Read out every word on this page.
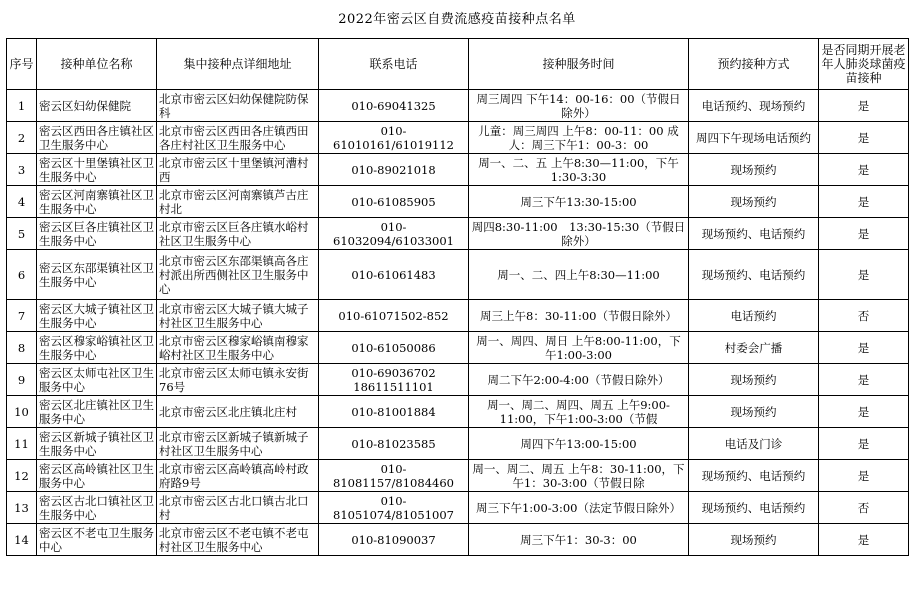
2022年密云区自费流感疫苗接种点名单
序号	接种单位名称	集中接种点详细地址	联系电话	接种服务时间	预约接种方式	是否同期开展老年人肺炎球菌疫苗接种
1	密云区妇幼保健院	北京市密云区妇幼保健院防保科	010-69041325	周三周四 下午14：00-16：00（节假日除外）	电话预约、现场预约	是
2	密云区西田各庄镇社区卫生服务中心	北京市密云区西田各庄镇西田各庄村社区卫生服务中心	010-61010161/61019112	儿童：周三周四 上午8：00-11：00 成人：周三下午1：00-3：00	周四下午现场电话预约	是
3	密云区十里堡镇社区卫生服务中心	北京市密云区十里堡镇河漕村西	010-89021018	周一、二、五 上午8:30—11:00，下午1:30-3:30	现场预约	是
4	密云区河南寨镇社区卫生服务中心	北京市密云区河南寨镇芦古庄村北	010-61085905	周三下午13:30-15:00	现场预约	是
5	密云区巨各庄镇社区卫生服务中心	北京市密云区巨各庄镇水峪村社区卫生服务中心	010-61032094/61033001	周四8:30-11:00　13:30-15:30（节假日除外）	现场预约、电话预约	是
6	密云区东邵渠镇社区卫生服务中心	北京市密云区东邵渠镇高各庄村派出所西侧社区卫生服务中心	010-61061483	周一、二、四上午8:30—11:00	现场预约、电话预约	是
7	密云区大城子镇社区卫生服务中心	北京市密云区大城子镇大城子村社区卫生服务中心	010-61071502-852	周三上午8：30-11:00（节假日除外）	电话预约	否
8	密云区穆家峪镇社区卫生服务中心	北京市密云区穆家峪镇南穆家峪村社区卫生服务中心	010-61050086	周一、周四、周日 上午8:00-11:00，下午1:00-3:00	村委会广播	是
9	密云区太师屯社区卫生服务中心	北京市密云区太师屯镇永安街76号	010-69036702 18611511101	周二下午2:00-4:00（节假日除外）	现场预约	是
10	密云区北庄镇社区卫生服务中心	北京市密云区北庄镇北庄村	010-81001884	周一、周二、周四、周五 上午9:00-11:00，下午1:00-3:00（节假	现场预约	是
11	密云区新城子镇社区卫生服务中心	北京市密云区新城子镇新城子村社区卫生服务中心	010-81023585	周四下午13:00-15:00	电话及门诊	是
12	密云区高岭镇社区卫生服务中心	北京市密云区高岭镇高岭村政府路9号	010-81081157/81084460	周一、周二、周五 上午8：30-11:00，下午1：30-3:00（节假日除	现场预约、电话预约	是
13	密云区古北口镇社区卫生服务中心	北京市密云区古北口镇古北口村	010-81051074/81051007	周三下午1:00-3:00（法定节假日除外）	现场预约、电话预约	否
14	密云区不老屯卫生服务中心	北京市密云区不老屯镇不老屯村社区卫生服务中心	010-81090037	周三下午1：30-3：00	现场预约	是
